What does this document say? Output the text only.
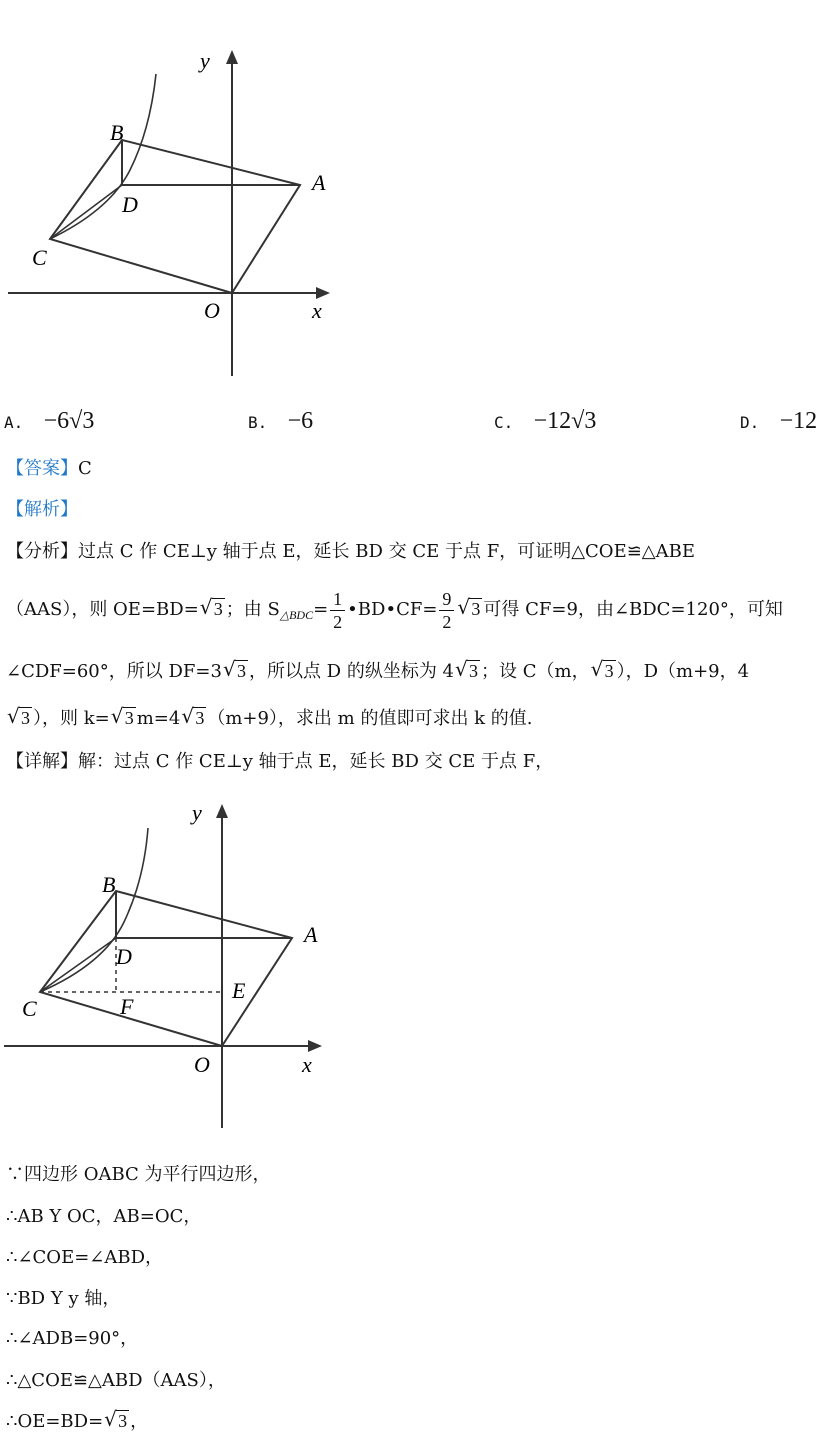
y
x
O
A
B
C
D
A. −6√3	B. −6	C. −12√3	D. −12
【答案】C
【解析】
【分析】过点 C 作 CE⊥y 轴于点 E，延长 BD 交 CE 于点 F，可证明△COE≌△ABE
（AAS），则 OE=BD= √ 3 ；由 $S_{\triangle BDC}= \frac{1}{2}$ •BD•CF= $\frac{9}{2}$ √ 3 可得 CF=9，由∠BDC=120°，可知
∠CDF=60°，所以 DF=3 √ 3 ，所以点 D 的纵坐标为 4 √ 3 ；设 C（m， √ 3 ），D（m+9，4
√ 3 ），则 k= √ 3 m=4 √ 3 （m+9），求出 m 的值即可求出 k 的值.
【详解】解：过点 C 作 CE⊥y 轴于点 E，延长 BD 交 CE 于点 F，
y
x
O
A
B
C
D
E
F
∵四边形 OABC 为平行四边形，
∴AB Y OC，AB=OC，
∴∠COE=∠ABD，
∵BD Y y 轴，
∴∠ADB=90°，
∴△COE≌△ABD（AAS），
∴OE=BD= √ 3 ，
